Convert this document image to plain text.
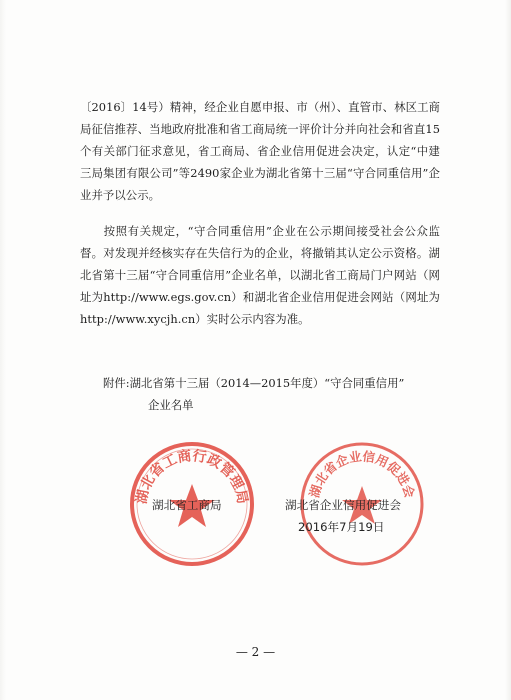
〔2016〕14号）精神，经企业自愿申报、市（州）、直管市、林区工商局征信推荐、当地政府批准和省工商局统一评价计分并向社会和省直15个有关部门征求意见，省工商局、省企业信用促进会决定，认定“中建三局集团有限公司”等2490家企业为湖北省第十三届“守合同重信用”企业并予以公示。
按照有关规定，“守合同重信用”企业在公示期间接受社会公众监督。对发现并经核实存在失信行为的企业，将撤销其认定公示资格。湖北省第十三届“守合同重信用”企业名单，以湖北省工商局门户网站（网址为http://www.egs.gov.cn）和湖北省企业信用促进会网站（网址为http://www.xycjh.cn）实时公示内容为准。
附件:湖北省第十三届（2014—2015年度）“守合同重信用”
企业名单
湖北省工商行政管理局	湖北省企业信用促进会
湖北省工商局	湖北省企业信用促进会
2016年7月19日
— 2 —
